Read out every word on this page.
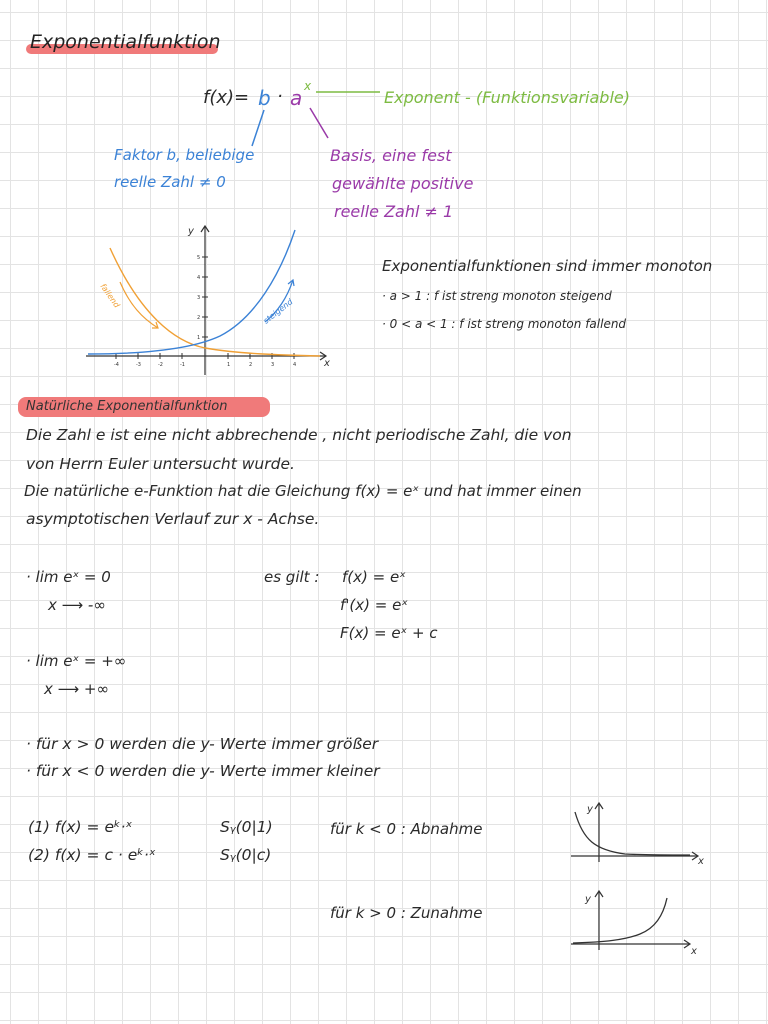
Exponentialfunktion
f(x)= b · a x
Exponent - (Funktionsvariable)
Faktor b, beliebige
reelle Zahl ≠ 0
Basis, eine fest
gewählte positive
reelle Zahl ≠ 1
y
x
-4	-3	-2	-1	1	2	3	4
5
4
3
2
1
fallend
steigend
Exponentialfunktionen sind immer monoton
· a > 1 : f ist streng monoton steigend
· 0 < a < 1 : f ist streng monoton fallend
Natürliche Exponentialfunktion
Die Zahl e ist eine nicht abbrechende , nicht periodische Zahl, die von
von Herrn Euler untersucht wurde.
Die natürliche e-Funktion hat die Gleichung f(x) = eˣ und hat immer einen
asymptotischen Verlauf zur x - Achse.
· lim eˣ = 0
x ⟶ -∞
· lim eˣ = +∞
x ⟶ +∞
es gilt : f(x) = eˣ
f'(x) = eˣ
F(x) = eˣ + c
· für x > 0 werden die y- Werte immer größer
· für x < 0 werden die y- Werte immer kleiner
(1) f(x) = eᵏ·ˣ	Sᵧ(0|1)
(2) f(x) = c · eᵏ·ˣ	Sᵧ(0|c)
für k < 0 : Abnahme
für k > 0 : Zunahme
y
x
y
x
